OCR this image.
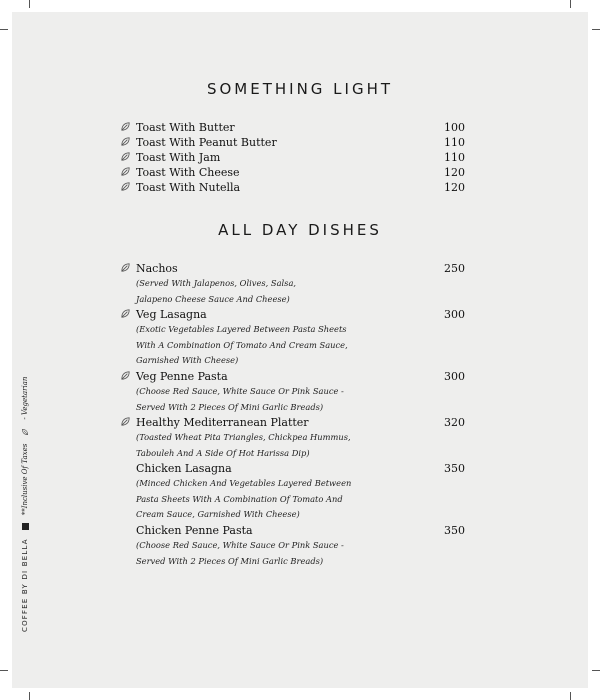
SOMETHING LIGHT
Toast With Butter	100
Toast With Peanut Butter	110
Toast With Jam	110
Toast With Cheese	120
Toast With Nutella	120
ALL DAY DISHES
Nachos	250
(Served With Jalapenos, Olives, Salsa,
Jalapeno Cheese Sauce And Cheese)
Veg Lasagna	300
(Exotic Vegetables Layered Between Pasta Sheets
With A Combination Of Tomato And Cream Sauce,
Garnished With Cheese)
Veg Penne Pasta	300
(Choose Red Sauce, White Sauce Or Pink Sauce -
Served With 2 Pieces Of Mini Garlic Breads)
Healthy Mediterranean Platter	320
(Toasted Wheat Pita Triangles, Chickpea Hummus,
Tabouleh And A Side Of Hot Harissa Dip)
Chicken Lasagna	350
(Minced Chicken And Vegetables Layered Between
Pasta Sheets With A Combination Of Tomato And
Cream Sauce, Garnished With Cheese)
Chicken Penne Pasta	350
(Choose Red Sauce, White Sauce Or Pink Sauce -
Served With 2 Pieces Of Mini Garlic Breads)
COFFEE BY DI BELLA
**Inclusive Of Taxes
- Vegetarian
